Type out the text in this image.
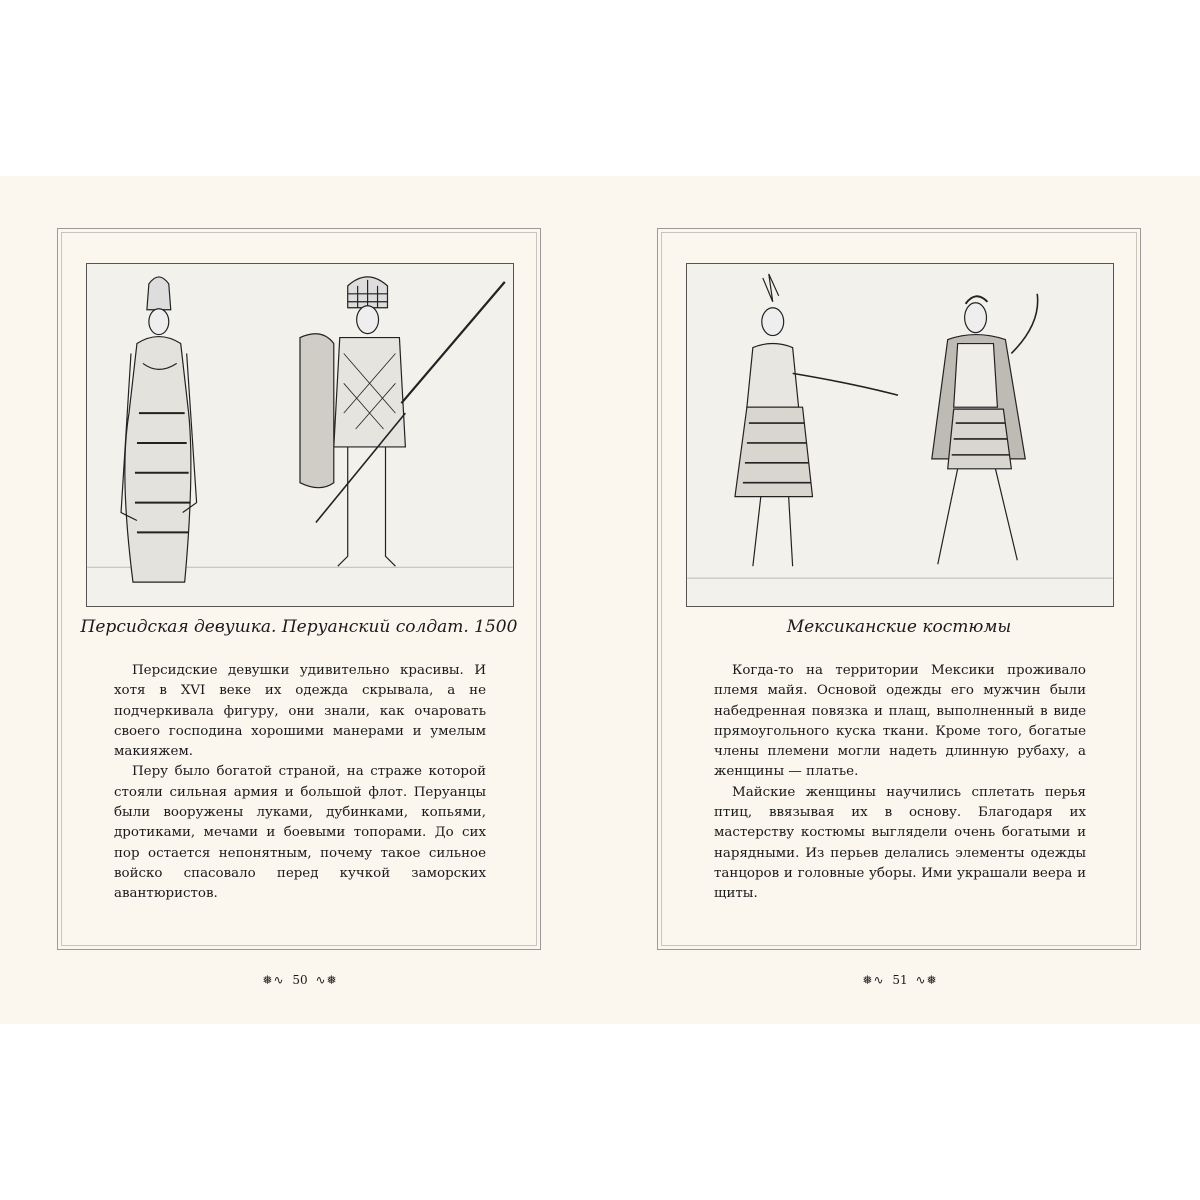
Персидская девушка. Перуанский солдат. 1500

Персидские девушки удивительно красивы. И хотя в XVI веке их одежда скрывала, а не подчеркивала фигуру, они знали, как очаровать своего господина хорошими манерами и умелым макияжем.

Перу было богатой страной, на страже которой стояли сильная армия и большой флот. Перуанцы были вооружены луками, дубинками, копьями, дротиками, мечами и боевыми топорами. До сих пор остается непонятным, почему такое сильное войско спасовало перед кучкой заморских авантюристов.

❅∿ 50 ∿❅
Мексиканские костюмы

Когда-то на территории Мексики проживало племя майя. Основой одежды его мужчин были набедренная повязка и плащ, выполненный в виде прямоугольного куска ткани. Кроме того, богатые члены племени могли надеть длинную рубаху, а женщины — платье.

Майские женщины научились сплетать перья птиц, ввязывая их в основу. Благодаря их мастерству костюмы выглядели очень богатыми и нарядными. Из перьев делались элементы одежды танцоров и головные уборы. Ими украшали веера и щиты.

❅∿ 51 ∿❅
